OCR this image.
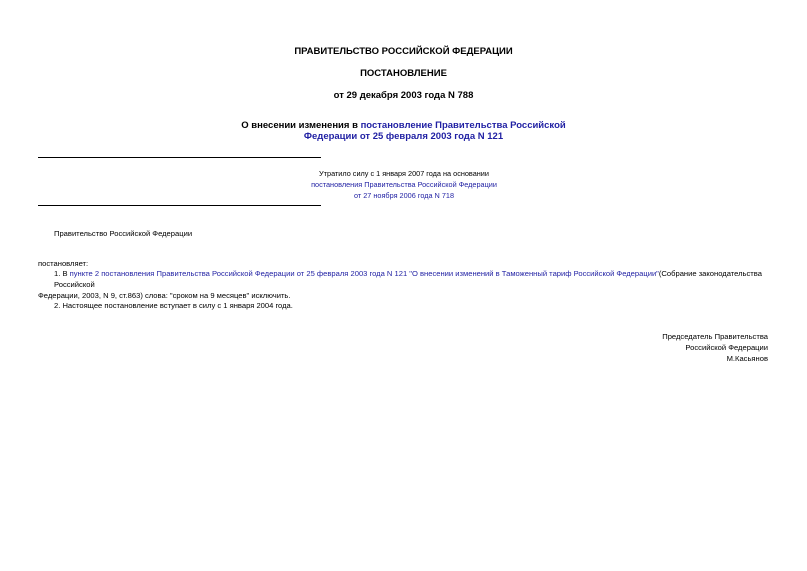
ПРАВИТЕЛЬСТВО РОССИЙСКОЙ ФЕДЕРАЦИИ
ПОСТАНОВЛЕНИЕ
от 29 декабря 2003 года N 788
О внесении изменения в постановление Правительства Российской
Федерации от 25 февраля 2003 года N 121
Утратило силу с 1 января 2007 года на основании
постановления Правительства Российской Федерации
от 27 ноября 2006 года N 718
Правительство Российской Федерации
постановляет:
1. В пункте 2 постановления Правительства Российской Федерации от 25 февраля 2003 года N 121 "О внесении изменений в Таможенный тариф Российской Федерации"(Собрание законодательства Российской
Федерации, 2003, N 9, ст.863) слова: "сроком на 9 месяцев" исключить.
2. Настоящее постановление вступает в силу с 1 января 2004 года.
Председатель Правительства
Российской Федерации
М.Касьянов
